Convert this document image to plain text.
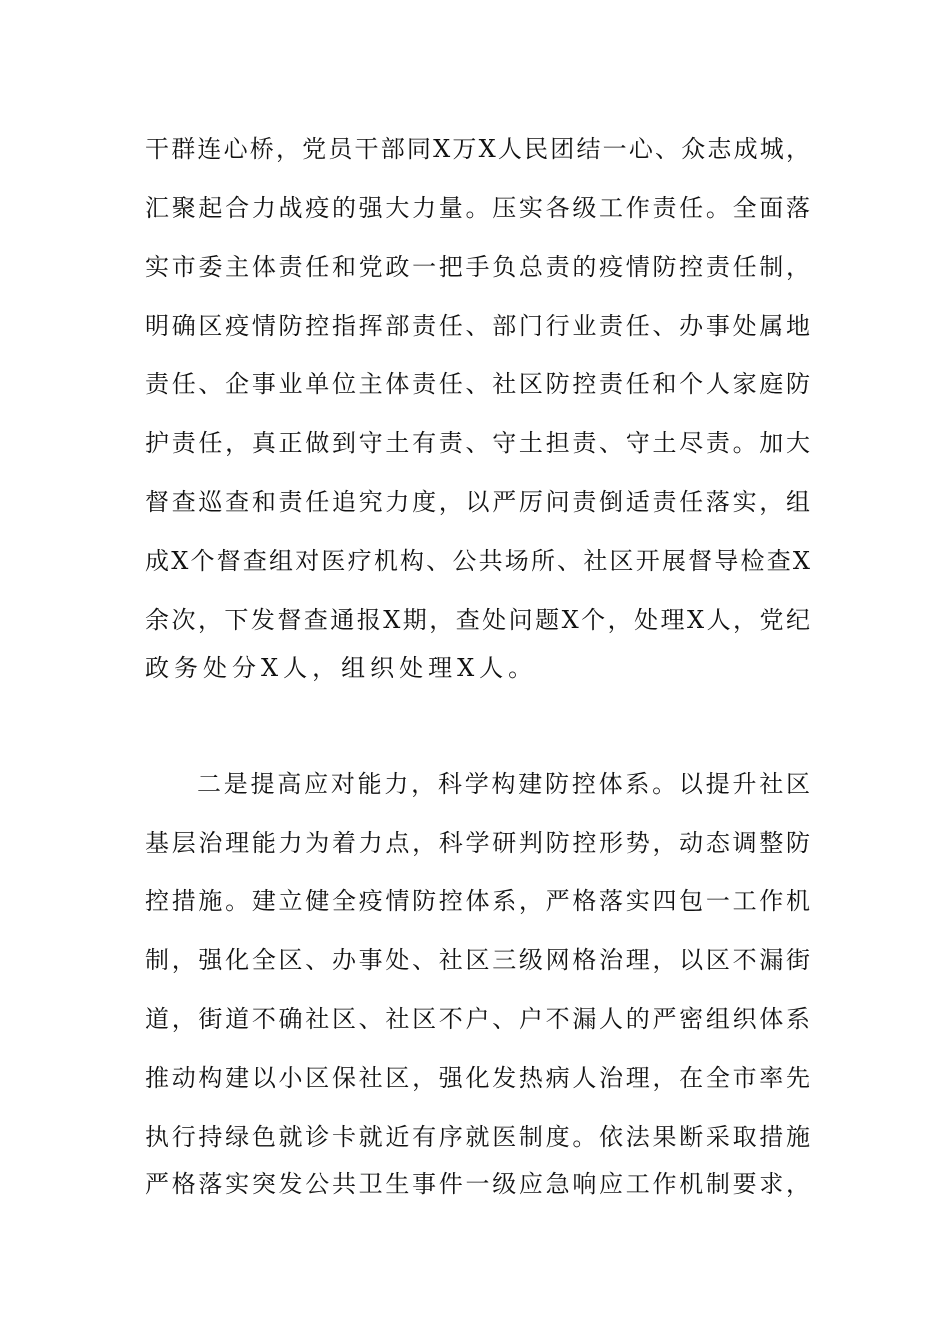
干群连心桥，党员干部同X万X人民团结一心、众志成城，
汇聚起合力战疫的强大力量。压实各级工作责任。全面落
实市委主体责任和党政一把手负总责的疫情防控责任制，
明确区疫情防控指挥部责任、部门行业责任、办事处属地
责任、企事业单位主体责任、社区防控责任和个人家庭防
护责任，真正做到守土有责、守土担责、守土尽责。加大
督查巡查和责任追究力度，以严厉问责倒适责任落实，组
成X个督查组对医疗机构、公共场所、社区开展督导检查X
余次，下发督查通报X期，查处问题X个，处理X人，党纪
政务处分X人，组织处理X人。
二是提高应对能力，科学构建防控体系。以提升社区
基层治理能力为着力点，科学研判防控形势，动态调整防
控措施。建立健全疫情防控体系，严格落实四包一工作机
制，强化全区、办事处、社区三级网格治理，以区不漏街
道，街道不确社区、社区不户、户不漏人的严密组织体系
推动构建以小区保社区，强化发热病人治理，在全市率先
执行持绿色就诊卡就近有序就医制度。依法果断采取措施
严格落实突发公共卫生事件一级应急响应工作机制要求，
